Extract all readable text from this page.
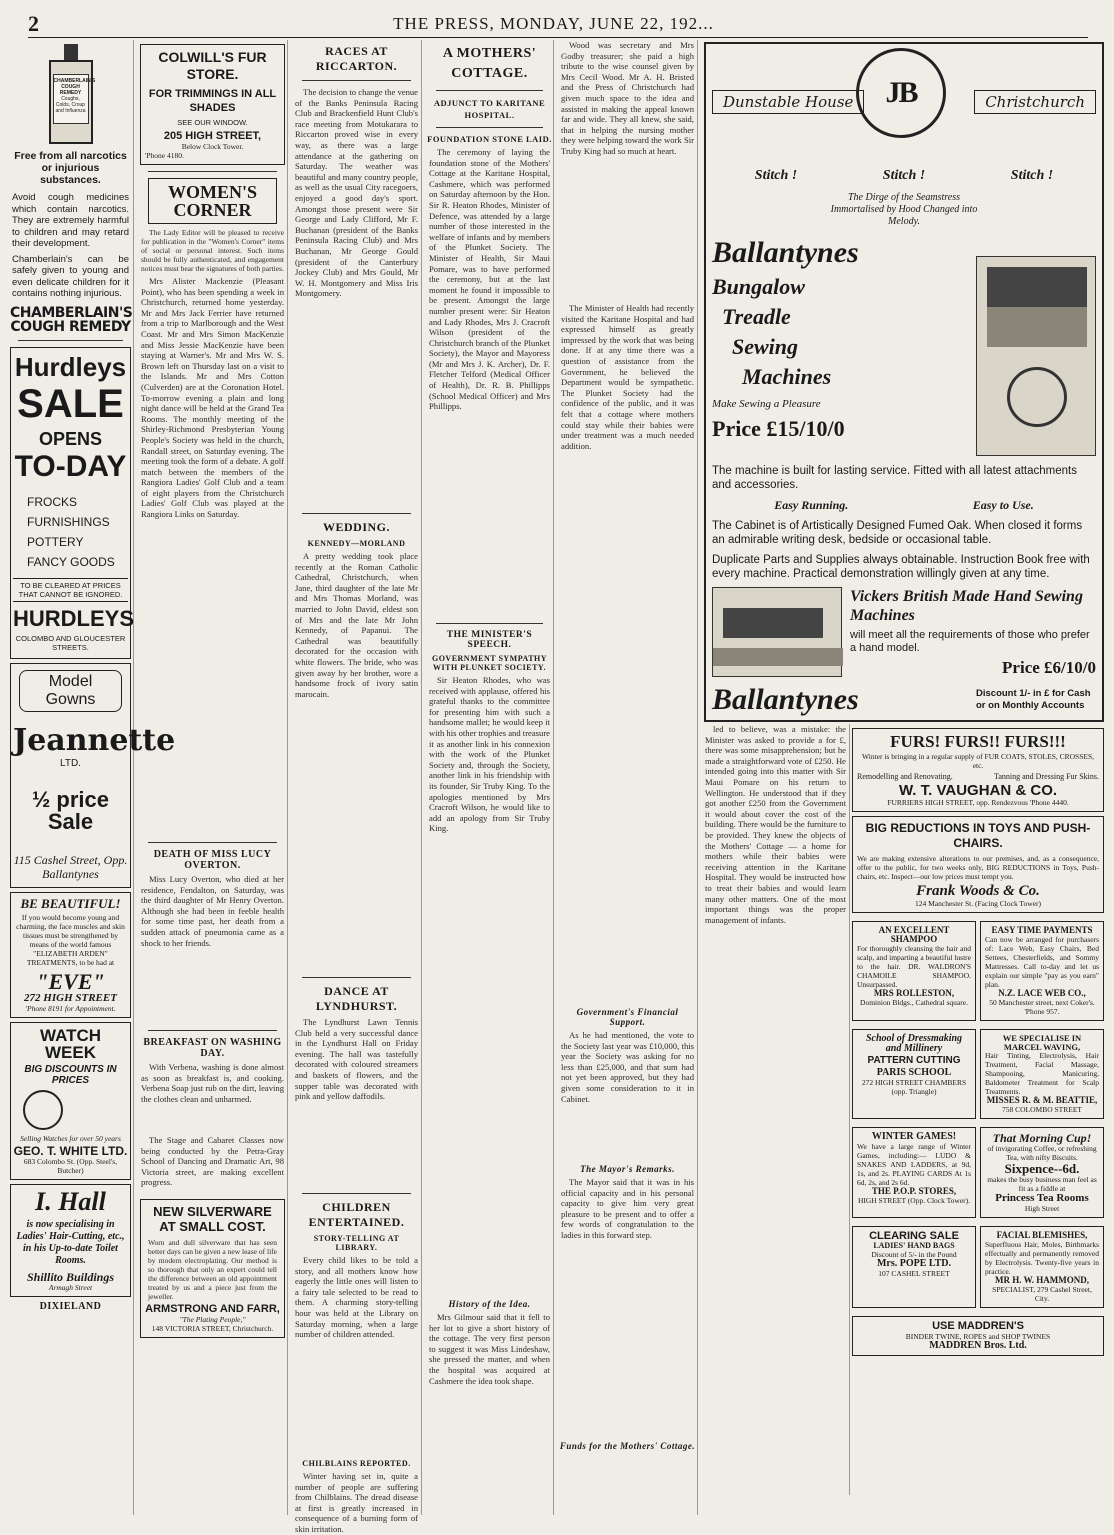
2	THE PRESS, MONDAY, JUNE 22, 192...
CHAMBERLAIN'S COUGH REMEDY
Coughs, Colds, Croup and Influenza
Free from all narcotics or injurious substances.
Avoid cough medicines which contain narcotics. They are extremely harmful to children and may retard their development.
Chamberlain's can be safely given to young and even delicate children for it contains nothing injurious.
CHAMBERLAIN'S COUGH REMEDY
Hurdleys
SALE
OPENS
TO-DAY
FROCKS
FURNISHINGS
POTTERY
FANCY GOODS
TO BE CLEARED AT PRICES THAT CANNOT BE IGNORED.
HURDLEYS
COLOMBO AND GLOUCESTER STREETS.
Model Gowns
Jeannette
LTD.
½ price Sale
115 Cashel Street, Opp. Ballantynes
BE BEAUTIFUL!
If you would become young and charming, the face muscles and skin tissues must be strengthened by means of the world famous "ELIZABETH ARDEN" TREATMENTS, to be had at
"EVE"
272 HIGH STREET
'Phone 8191 for Appointment.
WATCH WEEK
BIG DISCOUNTS IN PRICES
Selling Watches for over 50 years
GEO. T. WHITE LTD.
683 Colombo St. (Opp. Steel's, Butcher)
I. Hall
is now specialising in Ladies' Hair-Cutting, etc., in his Up-to-date Toilet Rooms.
Shillito Buildings
Armagh Street
DIXIELAND
COLWILL'S FUR STORE.
FOR TRIMMINGS IN ALL SHADES
SEE OUR WINDOW.
205 HIGH STREET,
Below Clock Tower.
'Phone 4180.
WOMEN'S CORNER
The Lady Editor will be pleased to receive for publication in the "Women's Corner" items of social or personal interest. Such items should be fully authenticated, and engagement notices must bear the signatures of both parties.
Mrs Alister Mackenzie (Pleasant Point), who has been spending a week in Christchurch, returned home yesterday. Mr and Mrs Jack Ferrier have returned from a trip to Marlborough and the West Coast. Mr and Mrs Simon MacKenzie and Miss Jessie MacKenzie have been staying at Warner's. Mr and Mrs W. S. Brown left on Thursday last on a visit to the Islands. Mr and Mrs Cotton (Culverden) are at the Coronation Hotel. To-morrow evening a plain and long night dance will be held at the Grand Tea Rooms. The monthly meeting of the Shirley-Richmond Presbyterian Young People's Society was held in the church, Randall street, on Saturday evening. The meeting took the form of a debate. A golf match between the members of the Rangiora Ladies' Golf Club and a team of eight players from the Christchurch Ladies' Golf Club was played at the Rangiora Links on Saturday.
DEATH OF MISS LUCY OVERTON.
Miss Lucy Overton, who died at her residence, Fendalton, on Saturday, was the third daughter of Mr Henry Overton. Although she had been in feeble health for some time past, her death from a sudden attack of pneumonia came as a shock to her friends.
BREAKFAST ON WASHING DAY.
With Verbena, washing is done almost as soon as breakfast is, and cooking. Verbena Soap just rub on the dirt, leaving the clothes clean and unharmed.
The Stage and Cabaret Classes now being conducted by the Petra-Gray School of Dancing and Dramatic Art, 98 Victoria street, are making excellent progress.
NEW SILVERWARE AT SMALL COST.
Worn and dull silverware that has seen better days can be given a new lease of life by modern electroplating. Our method is so thorough that only an expert could tell the difference between an old appointment treated by us and a piece just from the jeweller.
ARMSTRONG AND FARR,
"The Plating People,"
148 VICTORIA STREET, Christchurch.
RACES AT RICCARTON.
The decision to change the venue of the Banks Peninsula Racing Club and Brackenfield Hunt Club's race meeting from Motukarara to Riccarton proved wise in every way, as there was a large attendance at the gathering on Saturday. The weather was beautiful and many country people, as well as the usual City racegoers, enjoyed a good day's sport. Amongst those present were Sir George and Lady Clifford, Mr F. Buchanan (president of the Banks Peninsula Racing Club) and Mrs Buchanan, Mr George Gould (president of the Canterbury Jockey Club) and Mrs Gould, Mr W. H. Montgomery and Miss Iris Montgomery.
WEDDING.
KENNEDY—MORLAND
A pretty wedding took place recently at the Roman Catholic Cathedral, Christchurch, when Jane, third daughter of the late Mr and Mrs Thomas Morland, was married to John David, eldest son of Mrs and the late Mr John Kennedy, of Papanui. The Cathedral was beautifully decorated for the occasion with white flowers. The bride, who was given away by her brother, wore a handsome frock of ivory satin marocain.
DANCE AT LYNDHURST.
The Lyndhurst Lawn Tennis Club held a very successful dance in the Lyndhurst Hall on Friday evening. The hall was tastefully decorated with coloured streamers and baskets of flowers, and the supper table was decorated with pink and yellow daffodils.
CHILDREN ENTERTAINED.
STORY-TELLING AT LIBRARY.
Every child likes to be told a story, and all mothers know how eagerly the little ones will listen to a fairy tale selected to be read to them. A charming story-telling hour was held at the Library on Saturday morning, when a large number of children attended.
CHILBLAINS REPORTED.
Winter having set in, quite a number of people are suffering from Chilblains. The dread disease at first is greatly increased in consequence of a burning form of skin irritation.
A MOTHERS' COTTAGE.
ADJUNCT TO KARITANE HOSPITAL.
FOUNDATION STONE LAID.
The ceremony of laying the foundation stone of the Mothers' Cottage at the Karitane Hospital, Cashmere, which was performed on Saturday afternoon by the Hon. Sir R. Heaton Rhodes, Minister of Defence, was attended by a large number of those interested in the welfare of infants and by members of the Plunket Society. The Minister of Health, Sir Maui Pomare, was to have performed the ceremony, but at the last moment he found it impossible to be present. Amongst the large number present were: Sir Heaton and Lady Rhodes, Mrs J. Cracroft Wilson (president of the Christchurch branch of the Plunket Society), the Mayor and Mayoress (Mr and Mrs J. K. Archer), Dr. F. Fletcher Telford (Medical Officer of Health), Dr. R. B. Phillipps (School Medical Officer) and Mrs Phillipps.
THE MINISTER'S SPEECH.
GOVERNMENT SYMPATHY WITH PLUNKET SOCIETY.
Sir Heaton Rhodes, who was received with applause, offered his grateful thanks to the committee for presenting him with such a handsome mallet; he would keep it with his other trophies and treasure it as another link in his connexion with the work of the Plunket Society and, through the Society, another link in his friendship with its founder, Sir Truby King. To the apologies mentioned by Mrs Cracroft Wilson, he would like to add an apology from Sir Truby King.
History of the Idea.
Mrs Gilmour said that it fell to her lot to give a short history of the cottage. The very first person to suggest it was Miss Lindeshaw, she pressed the matter, and when the hospital was acquired at Cashmere the idea took shape.
Wood was secretary and Mrs Godby treasurer; she paid a high tribute to the wise counsel given by Mrs Cecil Wood. Mr A. H. Bristed and the Press of Christchurch had given much space to the idea and assisted in making the appeal known far and wide. They all knew, she said, that in helping the nursing mother they were helping toward the work Sir Truby King had so much at heart.
The Minister of Health had recently visited the Karitane Hospital and had expressed himself as greatly impressed by the work that was being done. If at any time there was a question of assistance from the Government, he believed the Department would be sympathetic. The Plunket Society had the confidence of the public, and it was felt that a cottage where mothers could stay while their babies were under treatment was a much needed addition.
Government's Financial Support.
As he had mentioned, the vote to the Society last year was £10,000, this year the Society was asking for no less than £25,000, and that sum had not yet been approved, but they had given some consideration to it in Cabinet.
The Mayor's Remarks.
The Mayor said that it was in his official capacity and in his personal capacity to give him very great pleasure to be present and to offer a few words of congratulation to the ladies in this forward step.
Funds for the Mothers' Cottage.
JB
Dunstable House	Christchurch
Stitch !	Stitch !	Stitch !
The Dirge of the Seamstress Immortalised by Hood Changed into Melody.
Ballantynes
Bungalow
Treadle
Sewing
Machines
Make Sewing a Pleasure
Price £15/10/0
The machine is built for lasting service. Fitted with all latest attachments and accessories.
Easy Running.	Easy to Use.
The Cabinet is of Artistically Designed Fumed Oak. When closed it forms an admirable writing desk, bedside or occasional table.
Duplicate Parts and Supplies always obtainable. Instruction Book free with every machine. Practical demonstration willingly given at any time.
Vickers British Made Hand Sewing Machines
will meet all the requirements of those who prefer a hand model.
Price £6/10/0
Ballantynes	Discount 1/- in £ for Cash or on Monthly Accounts
led to believe, was a mistake: the Minister was asked to provide a for £, there was some misapprehension; but he made a straightforward vote of £250. He intended going into this matter with Sir Maui Pomare on his return to Wellington. He understood that if they got another £250 from the Government it would about cover the cost of the building. There would be the furniture to be provided. They knew the objects of the Mothers' Cottage — a home for mothers while their babies were receiving attention in the Karitane Hospital. They would be instructed how to treat their babies and would learn many other matters. One of the most important things was the proper management of infants.
FURS! FURS!! FURS!!!
Winter is bringing in a regular supply of FUR COATS, STOLES, CROSSES, etc.
Remodelling and Renovating.	Tanning and Dressing Fur Skins.
W. T. VAUGHAN & CO.
FURRIERS HIGH STREET, opp. Rendezvous 'Phone 4440.
BIG REDUCTIONS IN TOYS AND PUSH-CHAIRS.
We are making extensive alterations to our premises, and, as a consequence, offer to the public, for two weeks only, BIG REDUCTIONS in Toys, Push-chairs, etc. Inspect—our low prices must tempt you.
Frank Woods & Co.
124 Manchester St. (Facing Clock Tower)
AN EXCELLENT SHAMPOO
For thoroughly cleansing the hair and scalp, and imparting a beautiful lustre to the hair. DR. WALDRON'S CHAMOILE SHAMPOO. Unsurpassed.
MRS ROLLESTON,
Dominion Bldgs., Cathedral square.
EASY TIME PAYMENTS
Can now be arranged for purchasers of: Lace Web, Easy Chairs, Bed Settees, Chesterfields, and Sommy Mattresses. Call to-day and let us explain our simple "pay as you earn" plan.
N.Z. LACE WEB CO.,
50 Manchester street, next Coker's. 'Phone 957.
School of Dressmaking and Millinery
PATTERN CUTTING
PARIS SCHOOL
272 HIGH STREET CHAMBERS (opp. Triangle)
WE SPECIALISE IN MARCEL WAVING,
Hair Tinting, Electrolysis, Hair Treatment, Facial Massage, Shampooing, Manicuring, Baldometer Treatment for Scalp Treatments.
MISSES R. & M. BEATTIE,
758 COLOMBO STREET
WINTER GAMES!
We have a large range of Winter Games, including:— LUDO & SNAKES AND LADDERS, at 9d, 1s, and 2s. PLAYING CARDS At 1s 6d, 2s, and 2s 6d.
THE P.O.P. STORES,
HIGH STREET (Opp. Clock Tower).
That Morning Cup!
of invigorating Coffee, or refreshing Tea, with nifty Biscuits.
Sixpence--6d.
makes the busy business man feel as fit as a fiddle at
Princess Tea Rooms
High Street
CLEARING SALE
LADIES' HAND BAGS
Discount of 5/- in the Pound
Mrs. POPE LTD.
107 CASHEL STREET
FACIAL BLEMISHES,
Superfluous Hair, Moles, Birthmarks effectually and permanently removed by Electrolysis. Twenty-five years in practice.
MR H. W. HAMMOND,
SPECIALIST, 279 Cashel Street, City.
USE MADDREN'S
BINDER TWINE, ROPES and SHOP TWINES
MADDREN Bros. Ltd.
